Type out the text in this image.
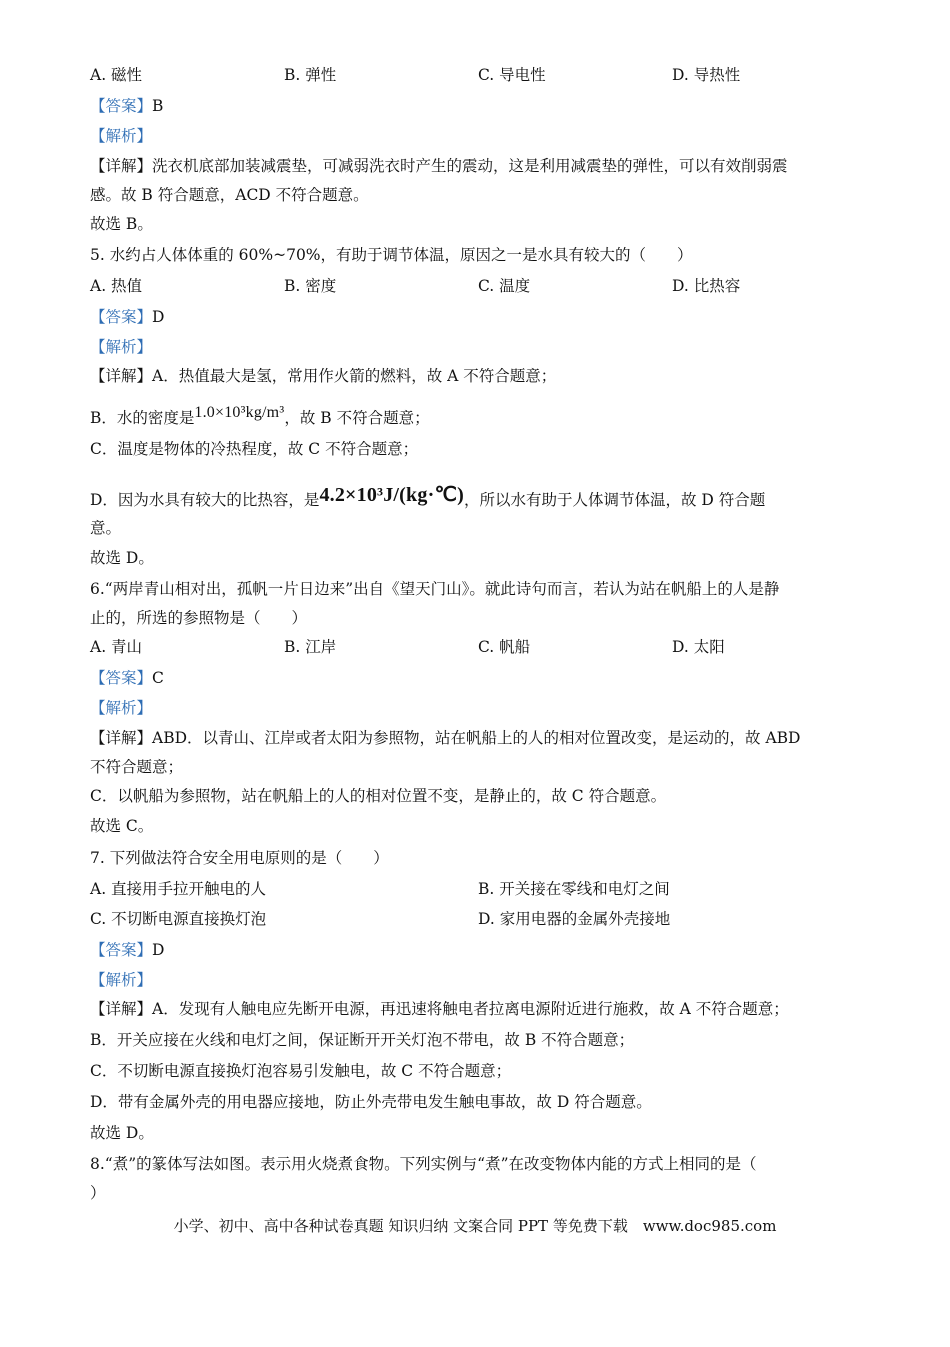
A. 磁性	B. 弹性	C. 导电性	D. 导热性
【答案】B
【解析】
【详解】洗衣机底部加装减震垫，可减弱洗衣时产生的震动，这是利用减震垫的弹性，可以有效削弱震
感。故 B 符合题意，ACD 不符合题意。
故选 B。
5. 水约占人体体重的 60%~70%，有助于调节体温，原因之一是水具有较大的（　　）
A. 热值	B. 密度	C. 温度	D. 比热容
【答案】D
【解析】
【详解】A．热值最大是氢，常用作火箭的燃料，故 A 不符合题意；
B．水的密度是1.0×10³kg/m³，故 B 不符合题意；
C．温度是物体的冷热程度，故 C 不符合题意；
D．因为水具有较大的比热容，是4.2×10³J/(kg·℃)，所以水有助于人体调节体温，故 D 符合题
意。
故选 D。
6.“两岸青山相对出，孤帆一片日边来”出自《望天门山》。就此诗句而言，若认为站在帆船上的人是静
止的，所选的参照物是（　　）
A. 青山	B. 江岸	C. 帆船	D. 太阳
【答案】C
【解析】
【详解】ABD．以青山、江岸或者太阳为参照物，站在帆船上的人的相对位置改变，是运动的，故 ABD
不符合题意；
C．以帆船为参照物，站在帆船上的人的相对位置不变，是静止的，故 C 符合题意。
故选 C。
7. 下列做法符合安全用电原则的是（　　）
A. 直接用手拉开触电的人	B. 开关接在零线和电灯之间
C. 不切断电源直接换灯泡	D. 家用电器的金属外壳接地
【答案】D
【解析】
【详解】A．发现有人触电应先断开电源，再迅速将触电者拉离电源附近进行施救，故 A 不符合题意；
B．开关应接在火线和电灯之间，保证断开开关灯泡不带电，故 B 不符合题意；
C．不切断电源直接换灯泡容易引发触电，故 C 不符合题意；
D．带有金属外壳的用电器应接地，防止外壳带电发生触电事故，故 D 符合题意。
故选 D。
8.“煮”的篆体写法如图。表示用火烧煮食物。下列实例与“煮”在改变物体内能的方式上相同的是（
）
小学、初中、高中各种试卷真题 知识归纳 文案合同 PPT 等免费下载　www.doc985.com
